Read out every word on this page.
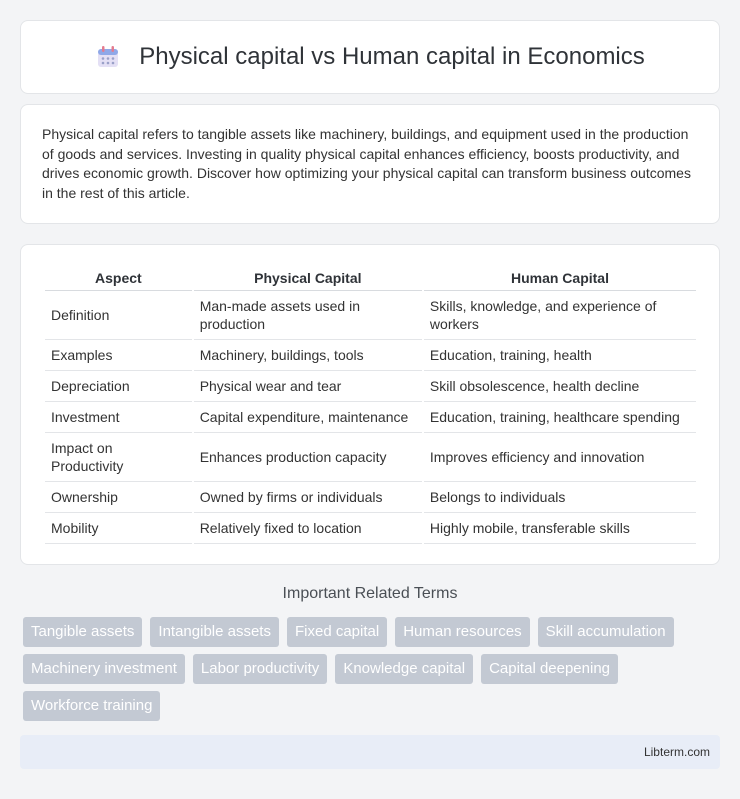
Physical capital vs Human capital in Economics

Physical capital refers to tangible assets like machinery, buildings, and equipment used in the production of goods and services. Investing in quality physical capital enhances efficiency, boosts productivity, and drives economic growth. Discover how optimizing your physical capital can transform business outcomes in the rest of this article.

Aspect	Physical Capital	Human Capital
Definition	Man-made assets used in production	Skills, knowledge, and experience of workers
Examples	Machinery, buildings, tools	Education, training, health
Depreciation	Physical wear and tear	Skill obsolescence, health decline
Investment	Capital expenditure, maintenance	Education, training, healthcare spending
Impact on Productivity	Enhances production capacity	Improves efficiency and innovation
Ownership	Owned by firms or individuals	Belongs to individuals
Mobility	Relatively fixed to location	Highly mobile, transferable skills
Important Related Terms
Tangible assets	Intangible assets	Fixed capital	Human resources	Skill accumulation
Machinery investment	Labor productivity	Knowledge capital	Capital deepening
Workforce training
Libterm.com
